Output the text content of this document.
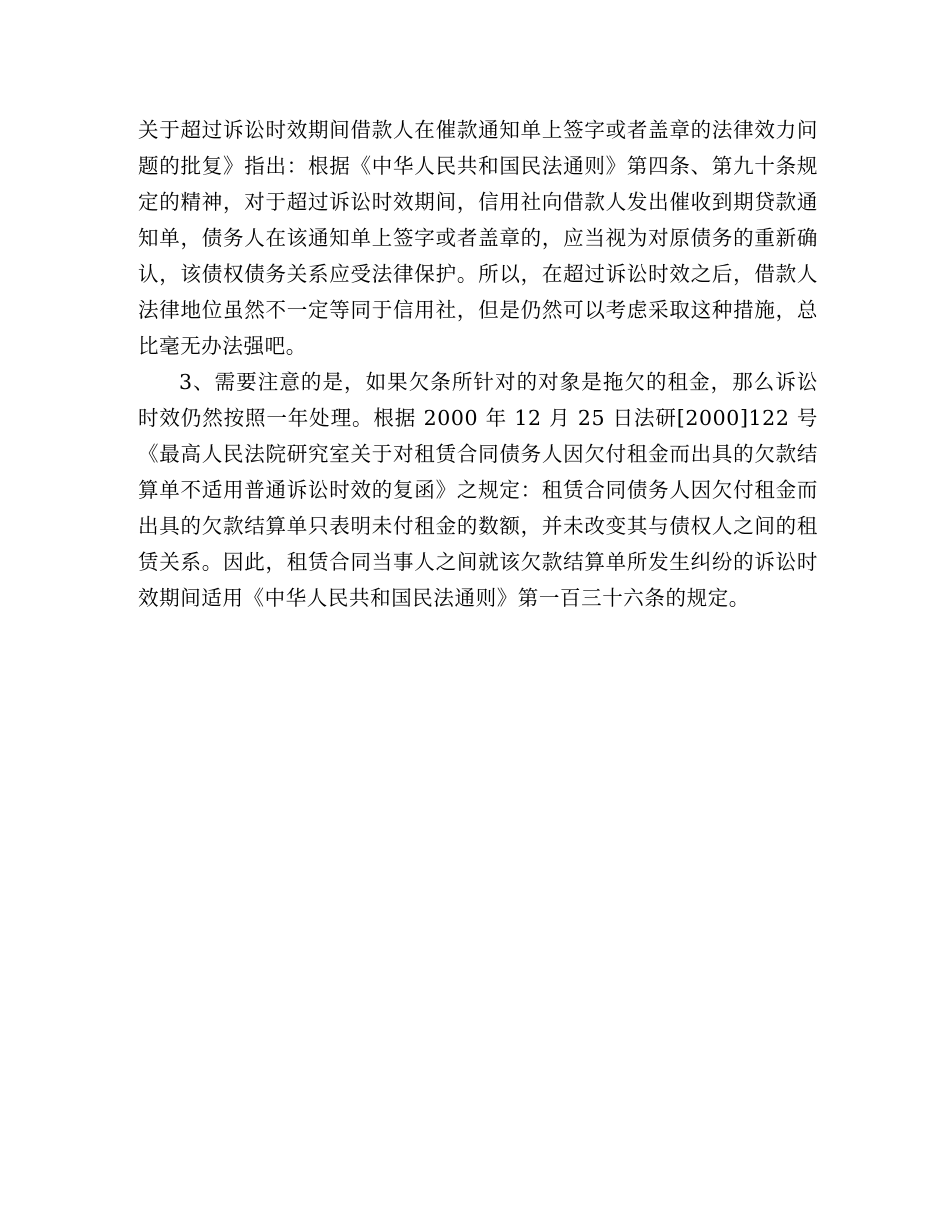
关于超过诉讼时效期间借款人在催款通知单上签字或者盖章的法律效力问题的批复》指出：根据《中华人民共和国民法通则》第四条、第九十条规定的精神，对于超过诉讼时效期间，信用社向借款人发出催收到期贷款通知单，债务人在该通知单上签字或者盖章的，应当视为对原债务的重新确认，该债权债务关系应受法律保护。所以，在超过诉讼时效之后，借款人法律地位虽然不一定等同于信用社，但是仍然可以考虑采取这种措施，总比毫无办法强吧。

3、需要注意的是，如果欠条所针对的对象是拖欠的租金，那么诉讼时效仍然按照一年处理。根据 2000 年 12 月 25 日法研[2000]122 号《最高人民法院研究室关于对租赁合同债务人因欠付租金而出具的欠款结算单不适用普通诉讼时效的复函》之规定：租赁合同债务人因欠付租金而出具的欠款结算单只表明未付租金的数额，并未改变其与债权人之间的租赁关系。因此，租赁合同当事人之间就该欠款结算单所发生纠纷的诉讼时效期间适用《中华人民共和国民法通则》第一百三十六条的规定。
